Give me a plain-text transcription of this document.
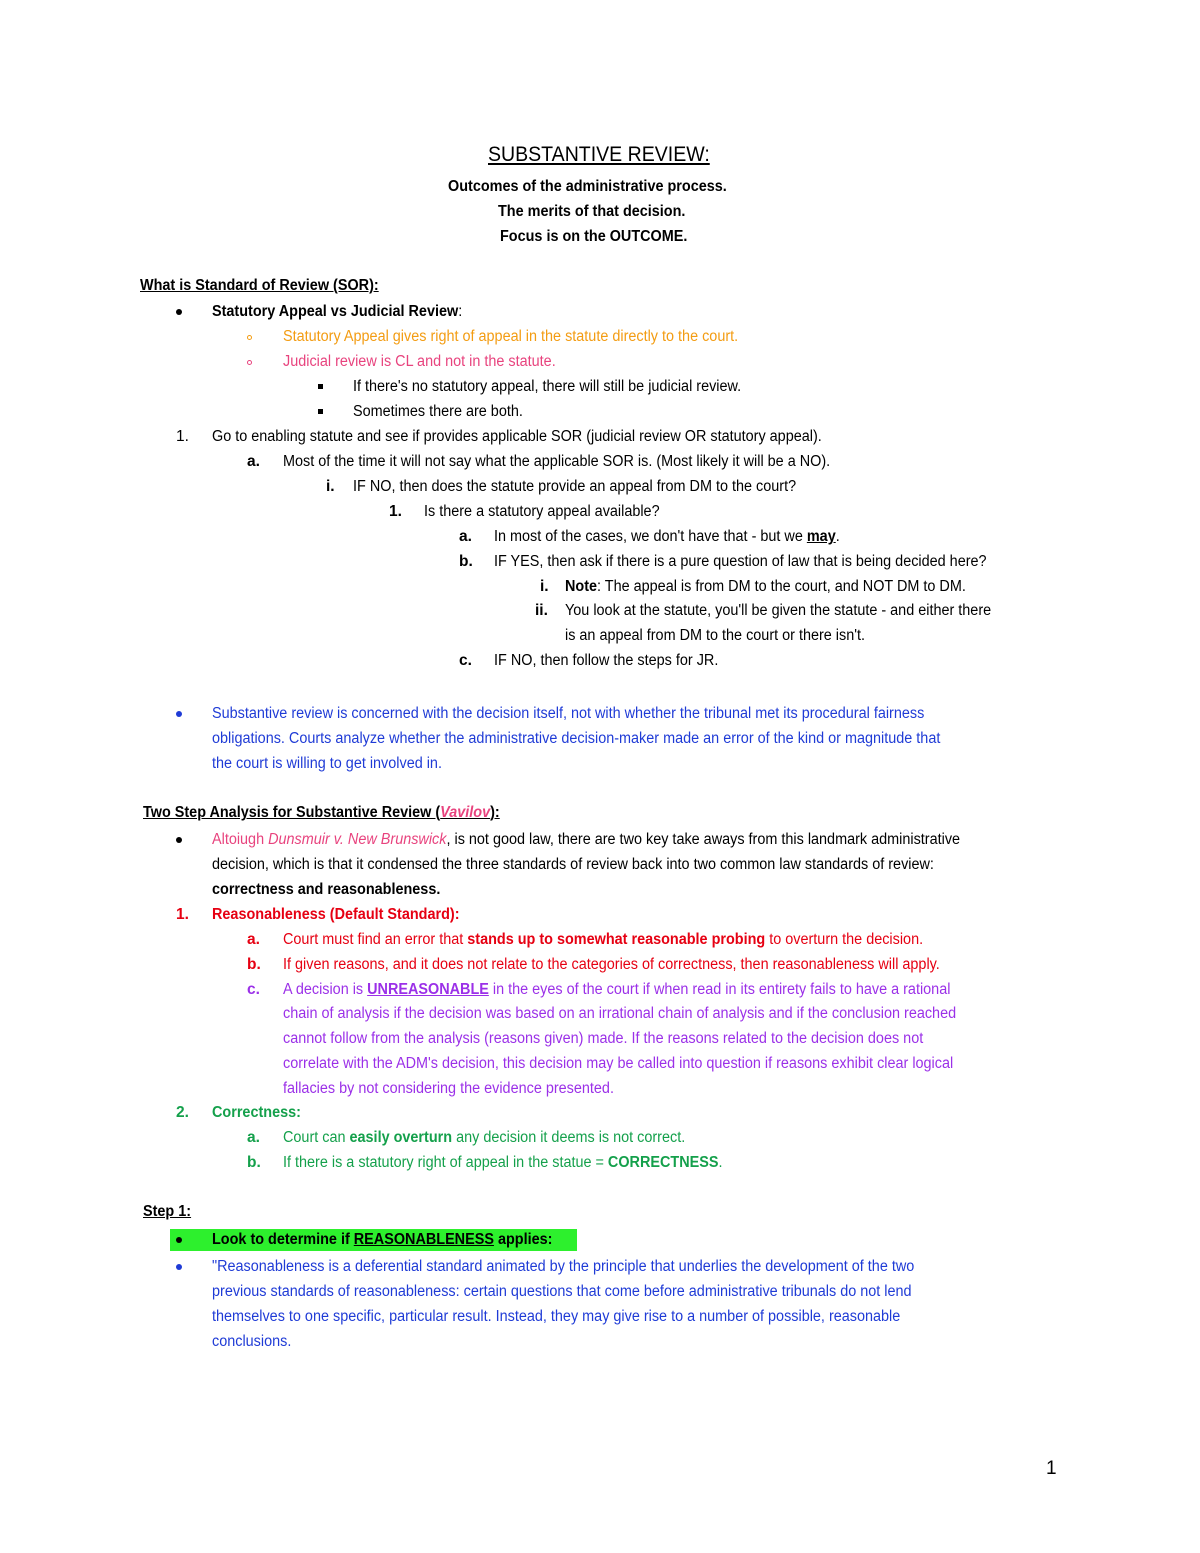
SUBSTANTIVE REVIEW:
Outcomes of the administrative process.
The merits of that decision.
Focus is on the OUTCOME.
What is Standard of Review (SOR):
Statutory Appeal vs Judicial Review:
Statutory Appeal gives right of appeal in the statute directly to the court.
Judicial review is CL and not in the statute.
If there's no statutory appeal, there will still be judicial review.
Sometimes there are both.
1. Go to enabling statute and see if provides applicable SOR (judicial review OR statutory appeal).
a. Most of the time it will not say what the applicable SOR is. (Most likely it will be a NO).
i. IF NO, then does the statute provide an appeal from DM to the court?
1. Is there a statutory appeal available?
a. In most of the cases, we don't have that - but we may.
b. IF YES, then ask if there is a pure question of law that is being decided here?
i. Note: The appeal is from DM to the court, and NOT DM to DM.
ii. You look at the statute, you'll be given the statute - and either there
is an appeal from DM to the court or there isn't.
c. IF NO, then follow the steps for JR.
Substantive review is concerned with the decision itself, not with whether the tribunal met its procedural fairness
obligations. Courts analyze whether the administrative decision-maker made an error of the kind or magnitude that
the court is willing to get involved in.
Two Step Analysis for Substantive Review (Vavilov):
Altoiugh Dunsmuir v. New Brunswick, is not good law, there are two key take aways from this landmark administrative
decision, which is that it condensed the three standards of review back into two common law standards of review:
correctness and reasonableness.
1. Reasonableness (Default Standard):
a. Court must find an error that stands up to somewhat reasonable probing to overturn the decision.
b. If given reasons, and it does not relate to the categories of correctness, then reasonableness will apply.
c. A decision is UNREASONABLE in the eyes of the court if when read in its entirety fails to have a rational
chain of analysis if the decision was based on an irrational chain of analysis and if the conclusion reached
cannot follow from the analysis (reasons given) made. If the reasons related to the decision does not
correlate with the ADM's decision, this decision may be called into question if reasons exhibit clear logical
fallacies by not considering the evidence presented.
2. Correctness:
a. Court can easily overturn any decision it deems is not correct.
b. If there is a statutory right of appeal in the statue = CORRECTNESS.
Step 1:
Look to determine if REASONABLENESS applies:
"Reasonableness is a deferential standard animated by the principle that underlies the development of the two
previous standards of reasonableness: certain questions that come before administrative tribunals do not lend
themselves to one specific, particular result. Instead, they may give rise to a number of possible, reasonable
conclusions.
1
